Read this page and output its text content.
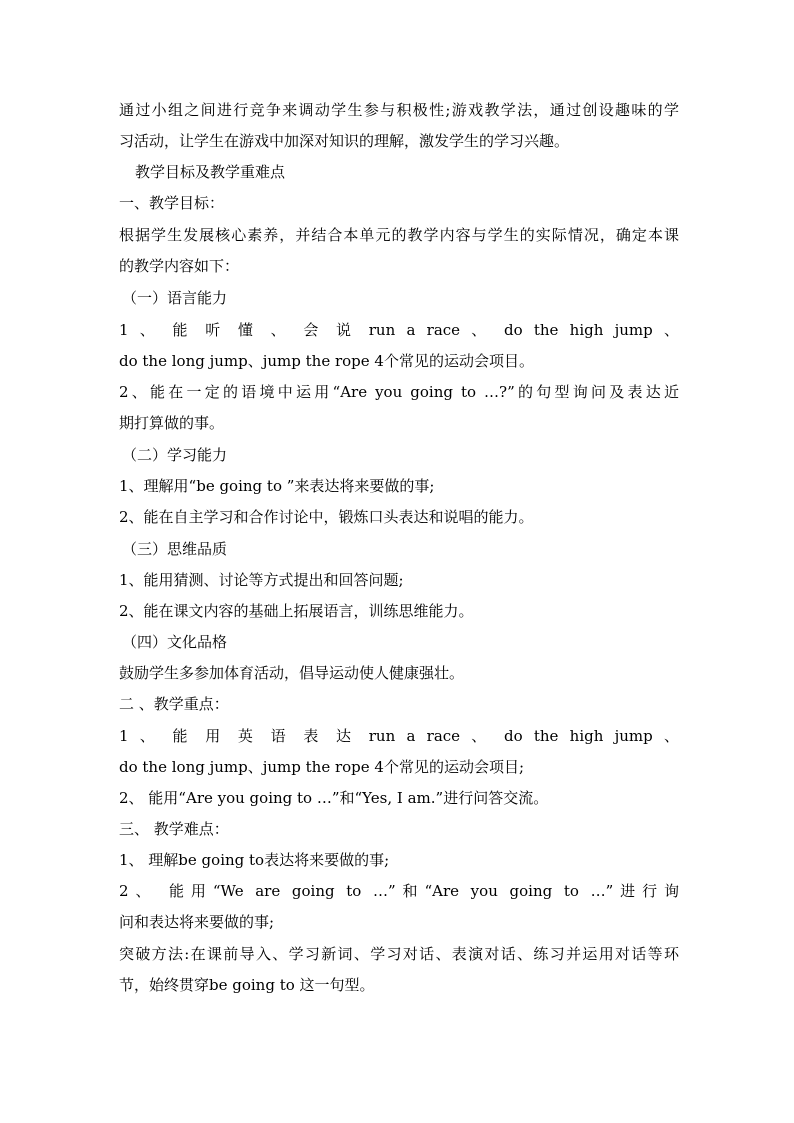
通过小组之间进行竞争来调动学生参与积极性;游戏教学法，通过创设趣味的学
习活动，让学生在游戏中加深对知识的理解，激发学生的学习兴趣。
教学目标及教学重难点
一、教学目标：
根据学生发展核心素养，并结合本单元的教学内容与学生的实际情况，确定本课
的教学内容如下：
（一）语言能力
1 、 能 听 懂 、 会 说 run a race 、 do the high jump 、
do the long jump、jump the rope 4个常见的运动会项目。
2、能在一定的语境中运用“Are you going to …?”的句型询问及表达近
期打算做的事。
（二）学习能力
1、理解用“be going to ”来表达将来要做的事;
2、能在自主学习和合作讨论中，锻炼口头表达和说唱的能力。
（三）思维品质
1、能用猜测、讨论等方式提出和回答问题;
2、能在课文内容的基础上拓展语言，训练思维能力。
（四）文化品格
鼓励学生多参加体育活动，倡导运动使人健康强壮。
二 、教学重点：
1 、 能 用 英 语 表 达 run a race 、 do the high jump 、
do the long jump、jump the rope 4个常见的运动会项目;
2、 能用“Are you going to …”和“Yes, I am.”进行问答交流。
三、 教学难点：
1、 理解be going to表达将来要做的事;
2、 能用“We are going to …”和“Are you going to …”进行询
问和表达将来要做的事;
突破方法:在课前导入、学习新词、学习对话、表演对话、练习并运用对话等环
节，始终贯穿be going to 这一句型。
